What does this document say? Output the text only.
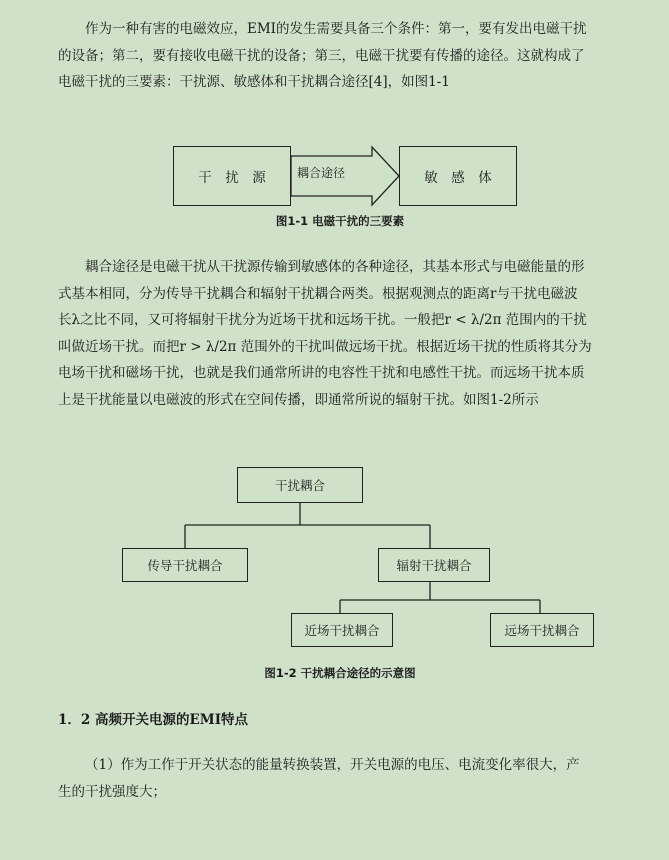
作为一种有害的电磁效应，EMI的发生需要具备三个条件：第一，要有发出电磁干扰
的设备；第二，要有接收电磁干扰的设备；第三，电磁干扰要有传播的途径。这就构成了
电磁干扰的三要素：干扰源、敏感体和干扰耦合途径[4]，如图1-1
干　扰　源	耦合途径	敏　感　体
图1-1 电磁干扰的三要素
耦合途径是电磁干扰从干扰源传输到敏感体的各种途径，其基本形式与电磁能量的形
式基本相同，分为传导干扰耦合和辐射干扰耦合两类。根据观测点的距离r与干扰电磁波
长λ之比不同，又可将辐射干扰分为近场干扰和远场干扰。一般把r < λ/2π 范围内的干扰
叫做近场干扰。而把r > λ/2π 范围外的干扰叫做远场干扰。根据近场干扰的性质将其分为
电场干扰和磁场干扰，也就是我们通常所讲的电容性干扰和电感性干扰。而远场干扰本质
上是干扰能量以电磁波的形式在空间传播，即通常所说的辐射干扰。如图1-2所示
干扰耦合
传导干扰耦合	辐射干扰耦合
近场干扰耦合	远场干扰耦合
图1-2 干扰耦合途径的示意图
1．2 高频开关电源的EMI特点
（1）作为工作于开关状态的能量转换装置，开关电源的电压、电流变化率很大，产
生的干扰强度大；
